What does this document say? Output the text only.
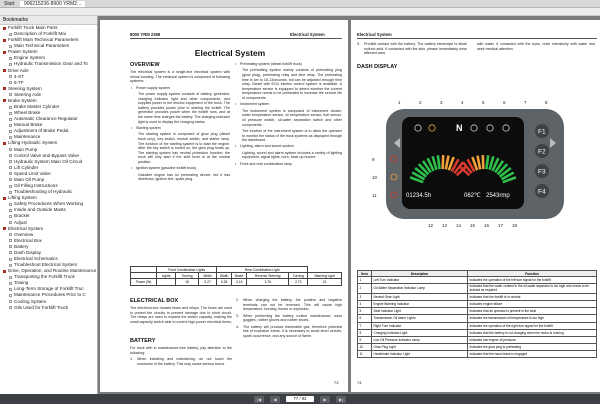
Start 906215236-8900 YRM2...
Bookmarks
Forklift Truck Main Parts
Description of Forklift Mai
Forklift Main Technical Parameters
Main Technical Parameters
Power System
Engine System
Hydraulic Transmission Gear and To
Drive Axle
4-ST
5-TF
Steering System
Steering Axle
Brake System
Brake Master Cylinder
Wheel Brake
Automatic Clearance Regulator
Manual Brake
Adjustment of Brake Pedal
Maintenance
Lifting Hydraulic System
Main Pump
Control Valve and Bypass Valve
Hydraulic System Main Oil Circuit
Lift Cylinder
Speed Limit Valve
Main Oil Pump
Oil Filling Instructions
Troubleshooting of Hydraulic
Lifting System
Safety Procedures When Working
Inside and Outside Masts
Bracket
Adjust
Electrical System
Overview
Electrical Box
Battery
Dash Display
Electrical Schematics
Troubleshoot Electrical System
Drive, Operation, and Routine Maintenance
Transporting the Forklift Truck
Towing
Long-Term Storage of Forklift Truc
Maintenance Procedures Prior to C
Cooling System
Oils Used for Forklift Truck
8000 YRM 2398	Electrical System
Electrical System
OVERVIEW

The electrical system is a single-line electrical system with minus bonding. The electrical system is composed of following systems:

• Power supply system

The power supply system consists of battery, generator, charging indicator light and other components, and supplies power to the electric equipment of the truck. The battery provides power prior to starting the forklift. The generator provides power when the forklift runs, and at the same time charges the battery. The charging indicator light is used to display the charging status.

• Starting system

The starting system is composed of glow plug (diesel truck only), key switch, neutral switch, and starter lamp. The function of the starting system is to start the engine. After the key switch is turned on, the glow plug heats up. The starting system has neutral protection function; the truck will only start if the shift lever is at the neutral position.

• Ignition system (gasoline forklift truck)

Gasoline engine has no preheating device, but it has distributor, ignition line, spark plug.

• Preheating system (diesel forklift truck)

The preheating system mainly consists of preheating plug (glow plug), preheating relay and time relay. The preheating time is set to 16-13seconds, but can be adjusted through time relay. Diesel with ECU electric control system is available. A temperature sensor is equipped to detect whether the current temperature needs to be preheated to increase the service life of components.

• Instrument system

The instrument system is composed of instrument cluster, water temperature sensor, oil temperature sensor, fuel sensor, oil pressure switch, oil-water separation switch and other components.

The function of the instrument system is to allow the operator to monitor the status of the truck systems as displayed through the dashboard.

• Lighting, alarm and sound system

Lighting, sound and alarm system includes a variety of lighting equipment, signal lights, horn, back-up buzzer.

• Front and rear combination lamp

	Front Combination Lights			Rear Combination Light				
	Lights	Turning	Width	Width	Brake	Reverse Steering	Turning	Warning Light
Power (W)		15	0.27	0.28	2.16	2.76	2.73	21
ELECTRICAL BOX
The electrical box houses fuses and relays. The fuses are used to protect the circuits to prevent damage due to short circuit. The relays are used to expand the switch capacity, making the small-capacity switch able to control high-power electrical items.
BATTERY

For truck with in maintenance-free battery, pay attention to the following:

1. When installing and maintaining, do not touch the conductor of the battery. This may cause serious burns.

2. When charging the battery, the positive and negative terminals can not be reversed. This will cause high temperature, burning, fumes or explosion.

3. When performing the battery routine maintenance, wear goggles, rubber gloves and rubber shoes.

4. The battery will produce flammable gas, therefore potential risk of explosion exists. It is necessary to avoid short circuits, spark occurrence, and any source of flame.

73
Electrical System
5. Prohibit contact with the battery. The battery electrolyte is dilute sulfuric acid. If contacted with the skin, please immediately rinse affected area
with water. If contacted with the eyes, rinse intensively with water and seek medical attention.
DASH DISPLAY
01234.5h	062℃ 2543rmp
N	F1
F2
F3
F4
1	2	3	4	5	6	7	8
9
10
11
12 13 14 15 16 17 18
Item	Description	Function
1	Left Turn Indicator	Indicates the operation of the left turn signal for the forklift
2	Oil-Water Separation Indicator Lamp	Indicates that the water content in the oil-water separator is too high and needs to be drained as required
3	Neutral Gear Light	Indicates that the forklift is in neutral
4	Engine Warning Indicator	Indicates engine failure
5	Seat Indicator Light	Indicates that an operator is present in the seat
6	Transmission Oil Alarm Lights	Indicates the transmission oil temperature is too high
7	Right Turn Indicator	Indicates the operation of the right turn signal for the forklift
8	Charging Indicator Light	Indicates that the battery is not charging when the motor is running
9	Low Oil Pressure Indicator Lamp	Indicates low engine oil pressure
10	Glow Plug Light	Indicates the glow plug is preheating
11	Handbrake Indicator Light	Indicates that the hand brake is engaged
74
|◀	◀	77 / 92	▶	▶|
